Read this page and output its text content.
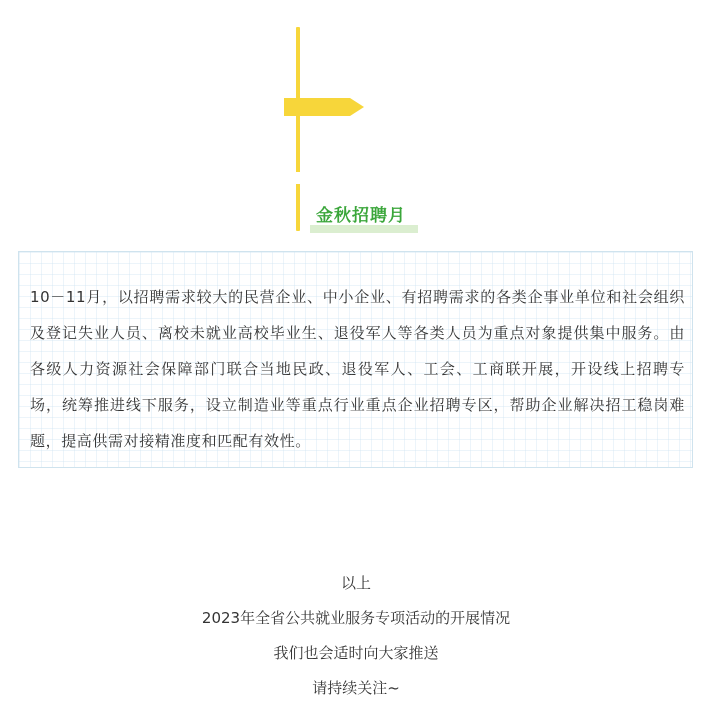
金秋招聘月

10－11月，以招聘需求较大的民营企业、中小企业、有招聘需求的各类企事业单位和社会组织及登记失业人员、离校未就业高校毕业生、退役军人等各类人员为重点对象提供集中服务。由各级人力资源社会保障部门联合当地民政、退役军人、工会、工商联开展，开设线上招聘专场，统筹推进线下服务，设立制造业等重点行业重点企业招聘专区，帮助企业解决招工稳岗难题，提高供需对接精准度和匹配有效性。

以上
2023年全省公共就业服务专项活动的开展情况
我们也会适时向大家推送
请持续关注~
